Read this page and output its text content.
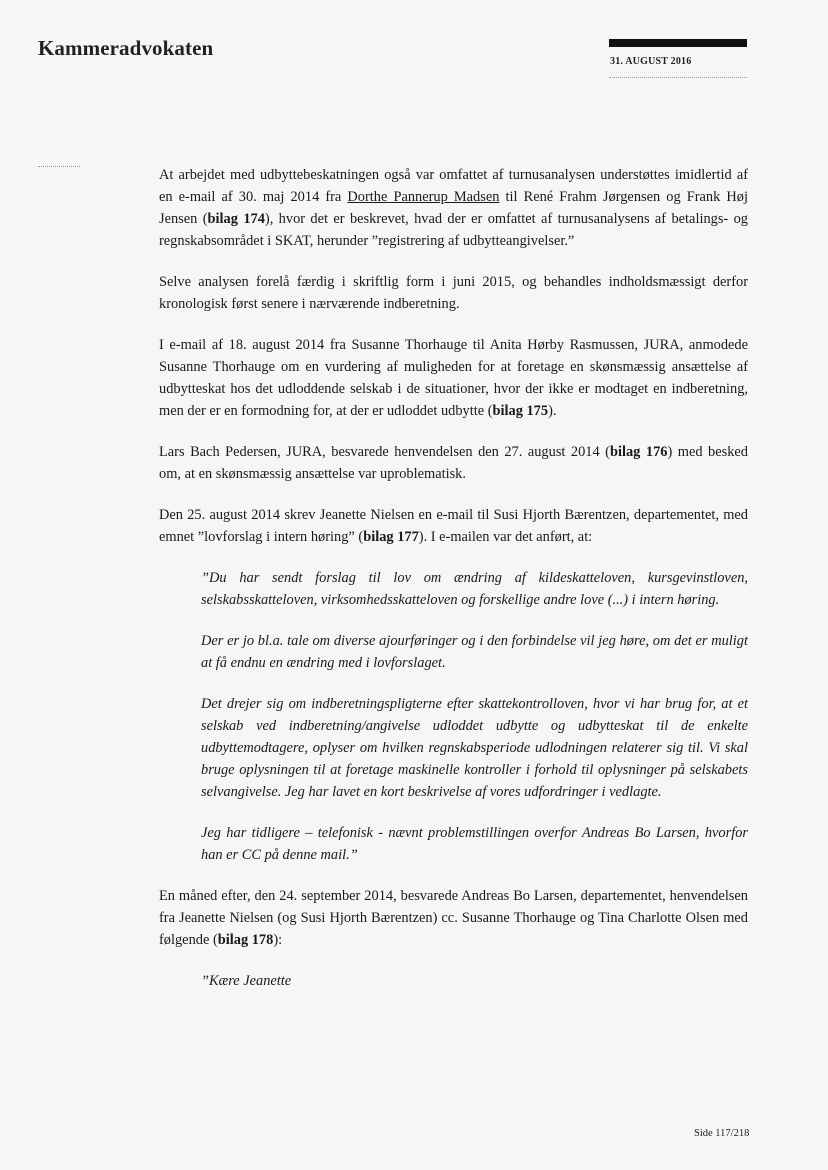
Kammeradvokaten
31. AUGUST 2016

At arbejdet med udbyttebeskatningen også var omfattet af turnusanalysen understøttes imidlertid af en e-mail af 30. maj 2014 fra Dorthe Pannerup Madsen til René Frahm Jørgensen og Frank Høj Jensen (bilag 174), hvor det er beskrevet, hvad der er omfattet af turnusanalysens af betalings- og regnskabsområdet i SKAT, herunder ”registrering af udbytteangivelser.”

Selve analysen forelå færdig i skriftlig form i juni 2015, og behandles indholdsmæssigt derfor kronologisk først senere i nærværende indberetning.

I e-mail af 18. august 2014 fra Susanne Thorhauge til Anita Hørby Rasmussen, JURA, anmodede Susanne Thorhauge om en vurdering af muligheden for at foretage en skønsmæssig ansættelse af udbytteskat hos det udloddende selskab i de situationer, hvor der ikke er modtaget en indberetning, men der er en formodning for, at der er udloddet udbytte (bilag 175).

Lars Bach Pedersen, JURA, besvarede henvendelsen den 27. august 2014 (bilag 176) med besked om, at en skønsmæssig ansættelse var uproblematisk.

Den 25. august 2014 skrev Jeanette Nielsen en e-mail til Susi Hjorth Bærentzen, departementet, med emnet ”lovforslag i intern høring” (bilag 177). I e-mailen var det anført, at:

”Du har sendt forslag til lov om ændring af kildeskatteloven, kursgevinstloven, selskabsskatteloven, virksomhedsskatteloven og forskellige andre love (...) i intern høring.

Der er jo bl.a. tale om diverse ajourføringer og i den forbindelse vil jeg høre, om det er muligt at få endnu en ændring med i lovforslaget.

Det drejer sig om indberetningspligterne efter skattekontrolloven, hvor vi har brug for, at et selskab ved indberetning/angivelse udloddet udbytte og udbytteskat til de enkelte udbyttemodtagere, oplyser om hvilken regnskabsperiode udlodningen relaterer sig til. Vi skal bruge oplysningen til at foretage maskinelle kontroller i forhold til oplysninger på selskabets selvangivelse. Jeg har lavet en kort beskrivelse af vores udfordringer i vedlagte.

Jeg har tidligere – telefonisk - nævnt problemstillingen overfor Andreas Bo Larsen, hvorfor han er CC på denne mail.”

En måned efter, den 24. september 2014, besvarede Andreas Bo Larsen, departementet, henvendelsen fra Jeanette Nielsen (og Susi Hjorth Bærentzen) cc. Susanne Thorhauge og Tina Charlotte Olsen med følgende (bilag 178):

”Kære Jeanette

Side 117/218
